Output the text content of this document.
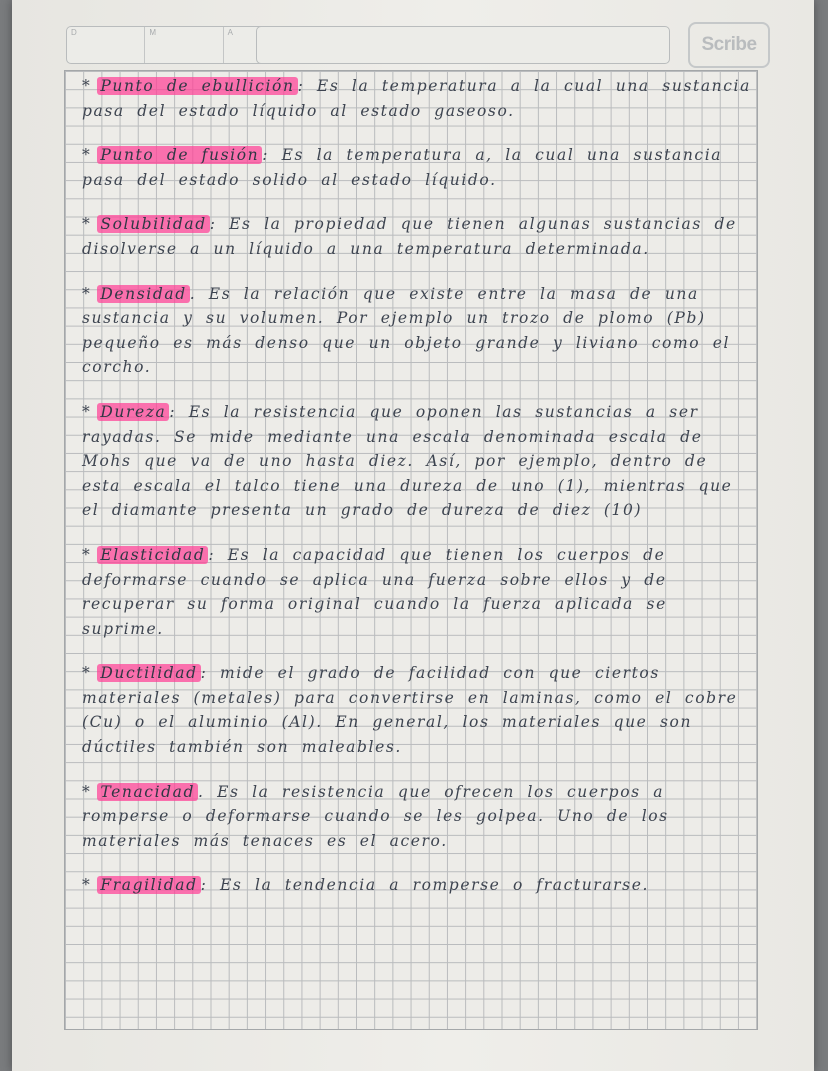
D	M	A
Scribe

* Punto de ebullición : Es la temperatura a la cual una sustancia pasa del estado líquido al estado gaseoso.

* Punto de fusión : Es la temperatura a, la cual una sustancia pasa del estado solido al estado líquido.

* Solubilidad : Es la propiedad que tienen algunas sustancias de disolverse a un líquido a una temperatura determinada.

* Densidad . Es la relación que existe entre la masa de una sustancia y su volumen. Por ejemplo un trozo de plomo (Pb) pequeño es más denso que un objeto grande y liviano como el corcho.

* Dureza : Es la resistencia que oponen las sustancias a ser rayadas. Se mide mediante una escala denominada escala de Mohs que va de uno hasta diez. Así, por ejemplo, dentro de esta escala el talco tiene una dureza de uno (1), mientras que el diamante presenta un grado de dureza de diez (10)

* Elasticidad : Es la capacidad que tienen los cuerpos de deformarse cuando se aplica una fuerza sobre ellos y de recuperar su forma original cuando la fuerza aplicada se suprime.

* Ductilidad : mide el grado de facilidad con que ciertos materiales (metales) para convertirse en laminas, como el cobre (Cu) o el aluminio (Al). En general, los materiales que son dúctiles también son maleables.

* Tenacidad . Es la resistencia que ofrecen los cuerpos a romperse o deformarse cuando se les golpea. Uno de los materiales más tenaces es el acero.

* Fragilidad : Es la tendencia a romperse o fracturarse.
